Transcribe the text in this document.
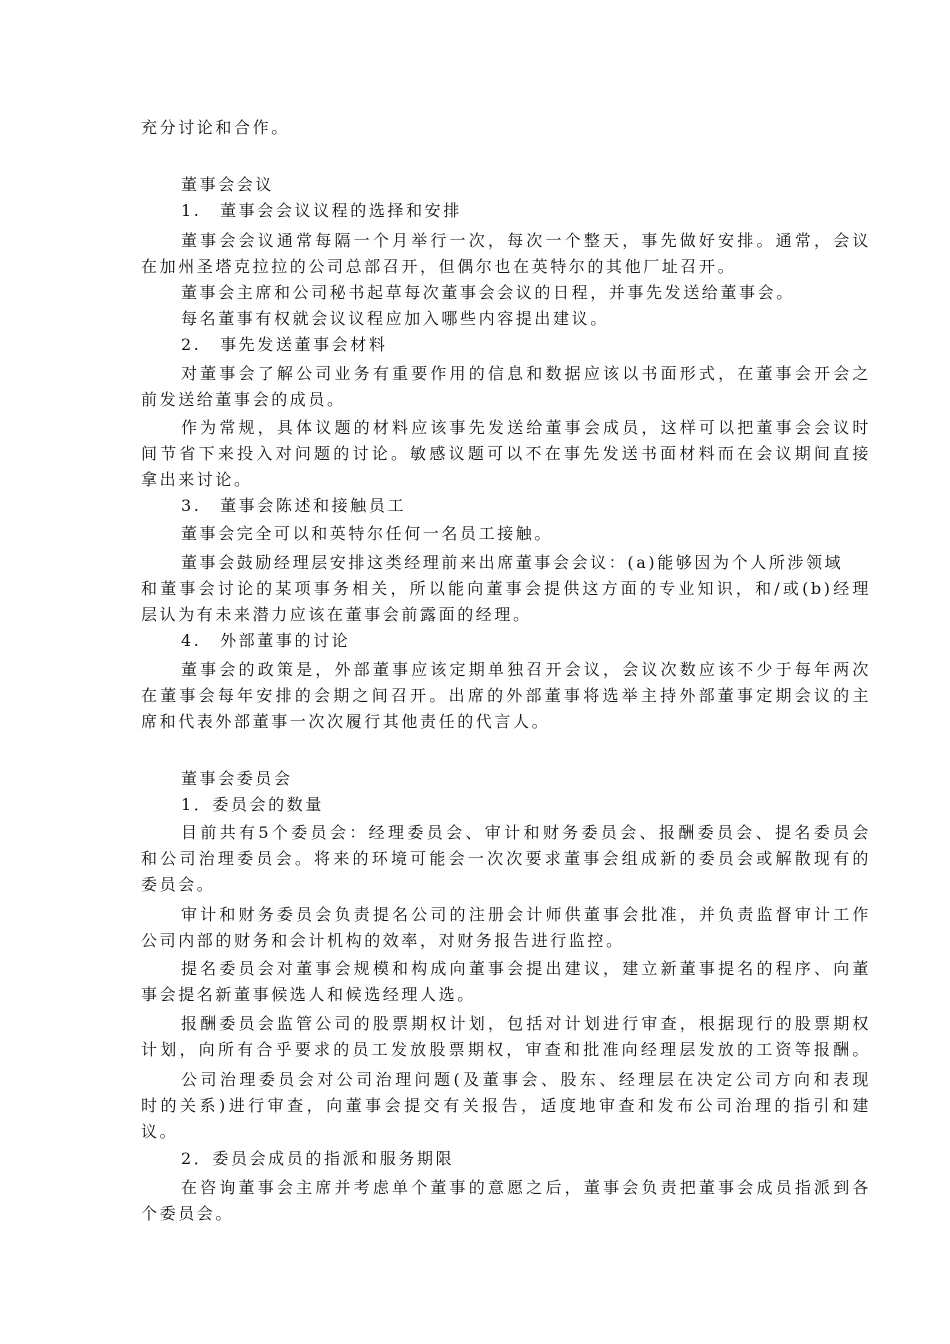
充分讨论和合作。
董事会会议
1.　董事会会议议程的选择和安排
董事会会议通常每隔一个月举行一次，每次一个整天，事先做好安排。通常，会议
在加州圣塔克拉拉的公司总部召开，但偶尔也在英特尔的其他厂址召开。
董事会主席和公司秘书起草每次董事会会议的日程，并事先发送给董事会。
每名董事有权就会议议程应加入哪些内容提出建议。
2.　事先发送董事会材料
对董事会了解公司业务有重要作用的信息和数据应该以书面形式，在董事会开会之
前发送给董事会的成员。
作为常规，具体议题的材料应该事先发送给董事会成员，这样可以把董事会会议时
间节省下来投入对问题的讨论。敏感议题可以不在事先发送书面材料而在会议期间直接
拿出来讨论。
3.　董事会陈述和接触员工
董事会完全可以和英特尔任何一名员工接触。
董事会鼓励经理层安排这类经理前来出席董事会会议：(a)能够因为个人所涉领域
和董事会讨论的某项事务相关，所以能向董事会提供这方面的专业知识，和/或(b)经理
层认为有未来潜力应该在董事会前露面的经理。
4.　外部董事的讨论
董事会的政策是，外部董事应该定期单独召开会议，会议次数应该不少于每年两次
在董事会每年安排的会期之间召开。出席的外部董事将选举主持外部董事定期会议的主
席和代表外部董事一次次履行其他责任的代言人。
董事会委员会
1．委员会的数量
目前共有5个委员会：经理委员会、审计和财务委员会、报酬委员会、提名委员会
和公司治理委员会。将来的环境可能会一次次要求董事会组成新的委员会或解散现有的
委员会。
审计和财务委员会负责提名公司的注册会计师供董事会批准，并负责监督审计工作
公司内部的财务和会计机构的效率，对财务报告进行监控。
提名委员会对董事会规模和构成向董事会提出建议，建立新董事提名的程序、向董
事会提名新董事候选人和候选经理人选。
报酬委员会监管公司的股票期权计划，包括对计划进行审查，根据现行的股票期权
计划，向所有合乎要求的员工发放股票期权，审查和批准向经理层发放的工资等报酬。
公司治理委员会对公司治理问题(及董事会、股东、经理层在决定公司方向和表现
时的关系)进行审查，向董事会提交有关报告，适度地审查和发布公司治理的指引和建
议。
2．委员会成员的指派和服务期限
在咨询董事会主席并考虑单个董事的意愿之后，董事会负责把董事会成员指派到各
个委员会。
